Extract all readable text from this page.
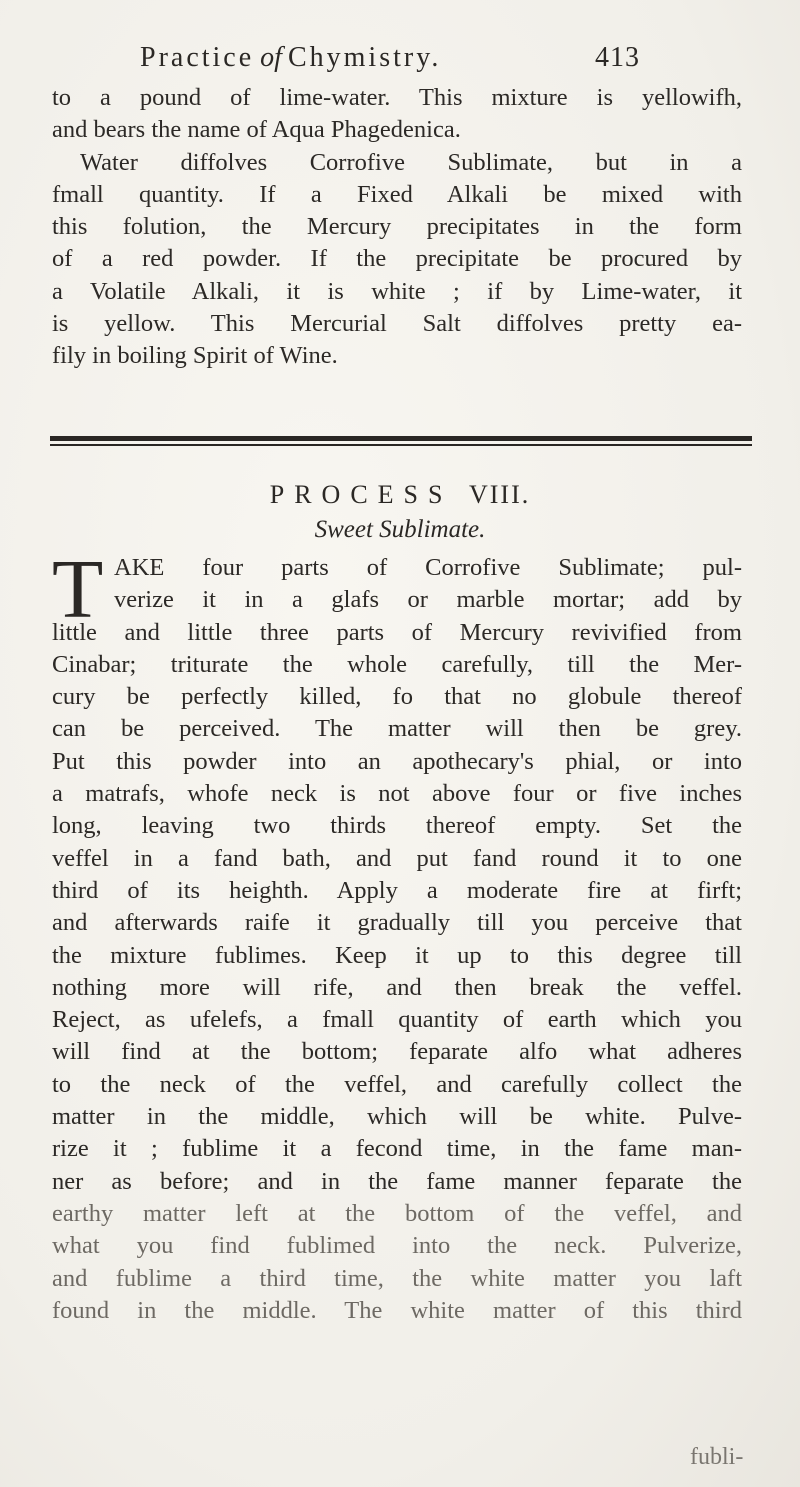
Practice of Chymistry.	413
to a pound of lime-water. This mixture is yellowifh,
and bears the name of Aqua Phagedenica.
Water diffolves Corrofive Sublimate, but in a
fmall quantity. If a Fixed Alkali be mixed with
this folution, the Mercury precipitates in the form
of a red powder. If the precipitate be procured by
a Volatile Alkali, it is white ; if by Lime-water, it
is yellow. This Mercurial Salt diffolves pretty ea-
fily in boiling Spirit of Wine.
PROCESS VIII.
Sweet Sublimate.
T AKE four parts of Corrofive Sublimate; pul-
verize it in a glafs or marble mortar; add by
little and little three parts of Mercury revivified from
Cinabar; triturate the whole carefully, till the Mer-
cury be perfectly killed, fo that no globule thereof
can be perceived. The matter will then be grey.
Put this powder into an apothecary's phial, or into
a matrafs, whofe neck is not above four or five inches
long, leaving two thirds thereof empty. Set the
veffel in a fand bath, and put fand round it to one
third of its heighth. Apply a moderate fire at firft;
and afterwards raife it gradually till you perceive that
the mixture fublimes. Keep it up to this degree till
nothing more will rife, and then break the veffel.
Reject, as ufelefs, a fmall quantity of earth which you
will find at the bottom; feparate alfo what adheres
to the neck of the veffel, and carefully collect the
matter in the middle, which will be white. Pulve-
rize it ; fublime it a fecond time, in the fame man-
ner as before; and in the fame manner feparate the
earthy matter left at the bottom of the veffel, and
what you find fublimed into the neck. Pulverize,
and fublime a third time, the white matter you laft
found in the middle. The white matter of this third
fubli-
